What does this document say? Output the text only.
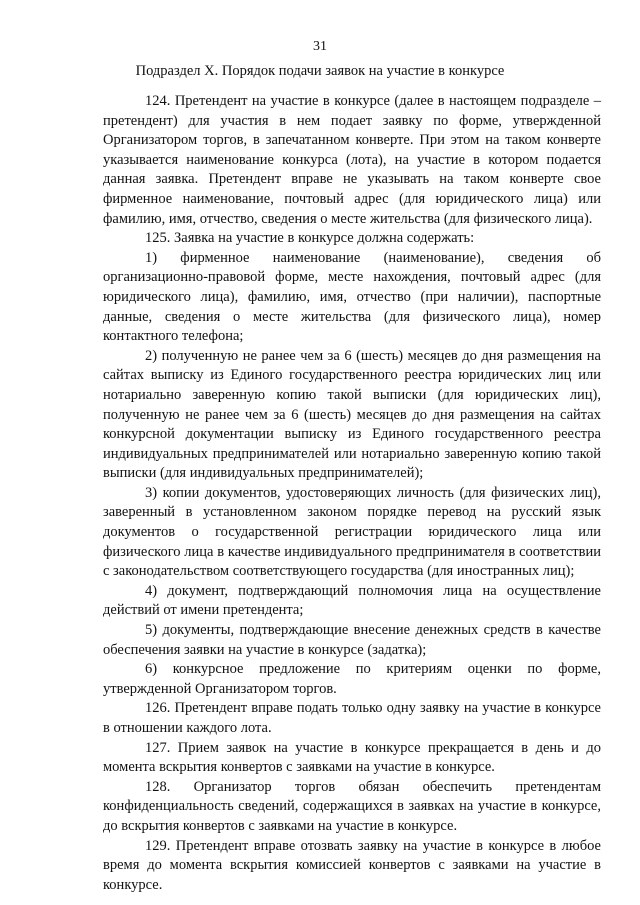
31
Подраздел X. Порядок подачи заявок на участие в конкурсе

124. Претендент на участие в конкурсе (далее в настоящем подразделе – претендент) для участия в нем подает заявку по форме, утвержденной Организатором торгов, в запечатанном конверте. При этом на таком конверте указывается наименование конкурса (лота), на участие в котором подается данная заявка. Претендент вправе не указывать на таком конверте свое фирменное наименование, почтовый адрес (для юридического лица) или фамилию, имя, отчество, сведения о месте жительства (для физического лица).

125. Заявка на участие в конкурсе должна содержать:

1) фирменное наименование (наименование), сведения об организационно-правовой форме, месте нахождения, почтовый адрес (для юридического лица), фамилию, имя, отчество (при наличии), паспортные данные, сведения о месте жительства (для физического лица), номер контактного телефона;

2) полученную не ранее чем за 6 (шесть) месяцев до дня размещения на сайтах выписку из Единого государственного реестра юридических лиц или нотариально заверенную копию такой выписки (для юридических лиц), полученную не ранее чем за 6 (шесть) месяцев до дня размещения на сайтах конкурсной документации выписку из Единого государственного реестра индивидуальных предпринимателей или нотариально заверенную копию такой выписки (для индивидуальных предпринимателей);

3) копии документов, удостоверяющих личность (для физических лиц), заверенный в установленном законом порядке перевод на русский язык документов о государственной регистрации юридического лица или физического лица в качестве индивидуального предпринимателя в соответствии с законодательством соответствующего государства (для иностранных лиц);

4) документ, подтверждающий полномочия лица на осуществление действий от имени претендента;

5) документы, подтверждающие внесение денежных средств в качестве обеспечения заявки на участие в конкурсе (задатка);

6) конкурсное предложение по критериям оценки по форме, утвержденной Организатором торгов.

126. Претендент вправе подать только одну заявку на участие в конкурсе в отношении каждого лота.

127. Прием заявок на участие в конкурсе прекращается в день и до момента вскрытия конвертов с заявками на участие в конкурсе.

128. Организатор торгов обязан обеспечить претендентам конфиденциальность сведений, содержащихся в заявках на участие в конкурсе, до вскрытия конвертов с заявками на участие в конкурсе.

129. Претендент вправе отозвать заявку на участие в конкурсе в любое время до момента вскрытия комиссией конвертов с заявками на участие в конкурсе.
